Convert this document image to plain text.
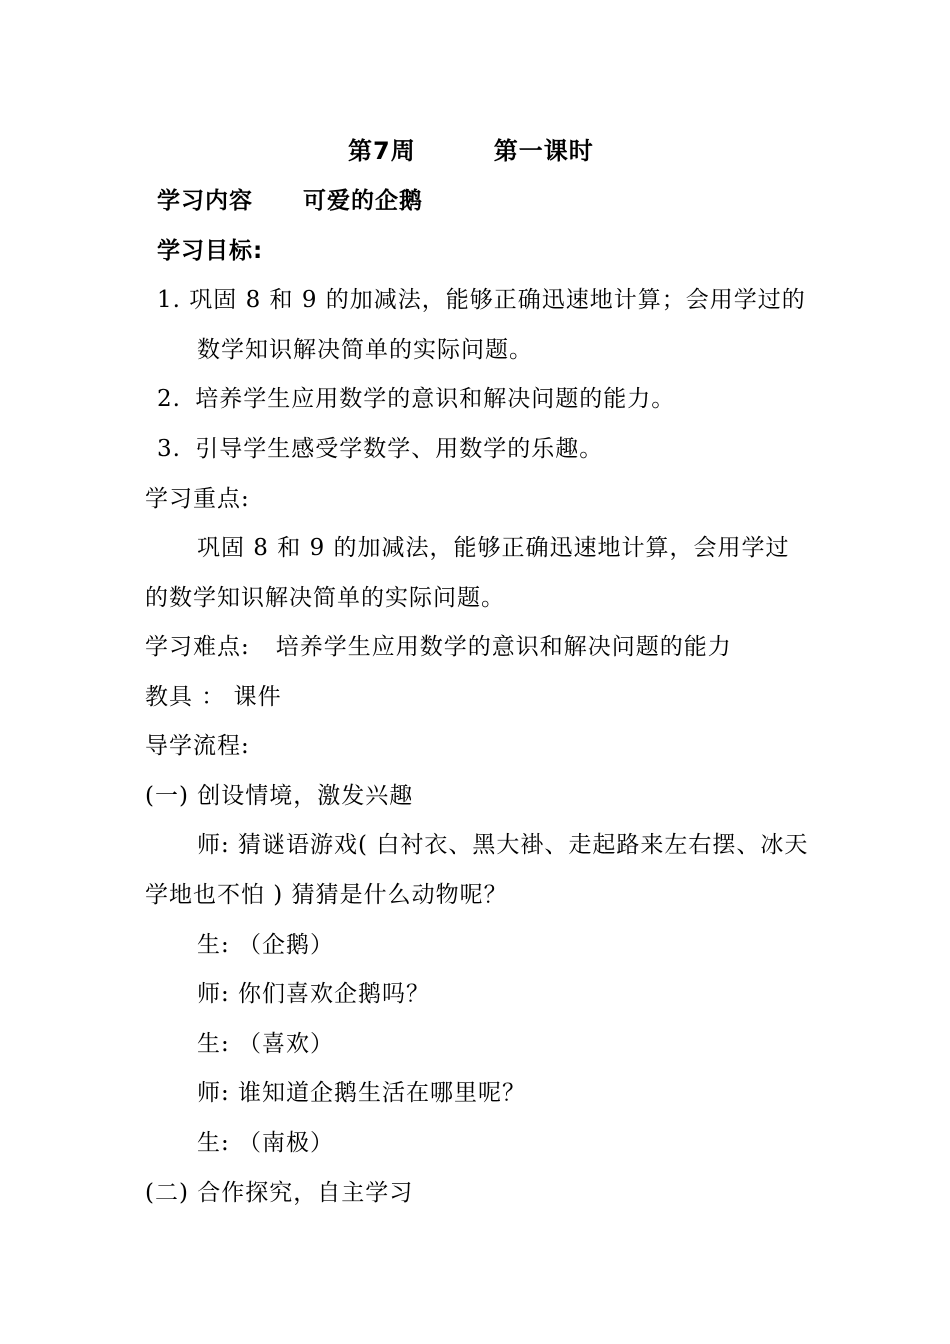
第7周	第一课时
学习内容 可爱的企鹅
学习目标:
1. 巩固 8 和 9 的加减法，能够正确迅速地计算；会用学过的
数学知识解决简单的实际问题。
2. 培养学生应用数学的意识和解决问题的能力。
3. 引导学生感受学数学、用数学的乐趣。
学习重点:
巩固 8 和 9 的加减法，能够正确迅速地计算，会用学过
的数学知识解决简单的实际问题。
学习难点: 培养学生应用数学的意识和解决问题的能力
教具 ： 课件
导学流程:
(一) 创设情境，激发兴趣
师: 猜谜语游戏( 白衬衣、黑大褂、走起路来左右摆、冰天
学地也不怕 ) 猜猜是什么动物呢？
生: （企鹅）
师: 你们喜欢企鹅吗？
生: （喜欢）
师: 谁知道企鹅生活在哪里呢？
生: （南极）
(二) 合作探究，自主学习
